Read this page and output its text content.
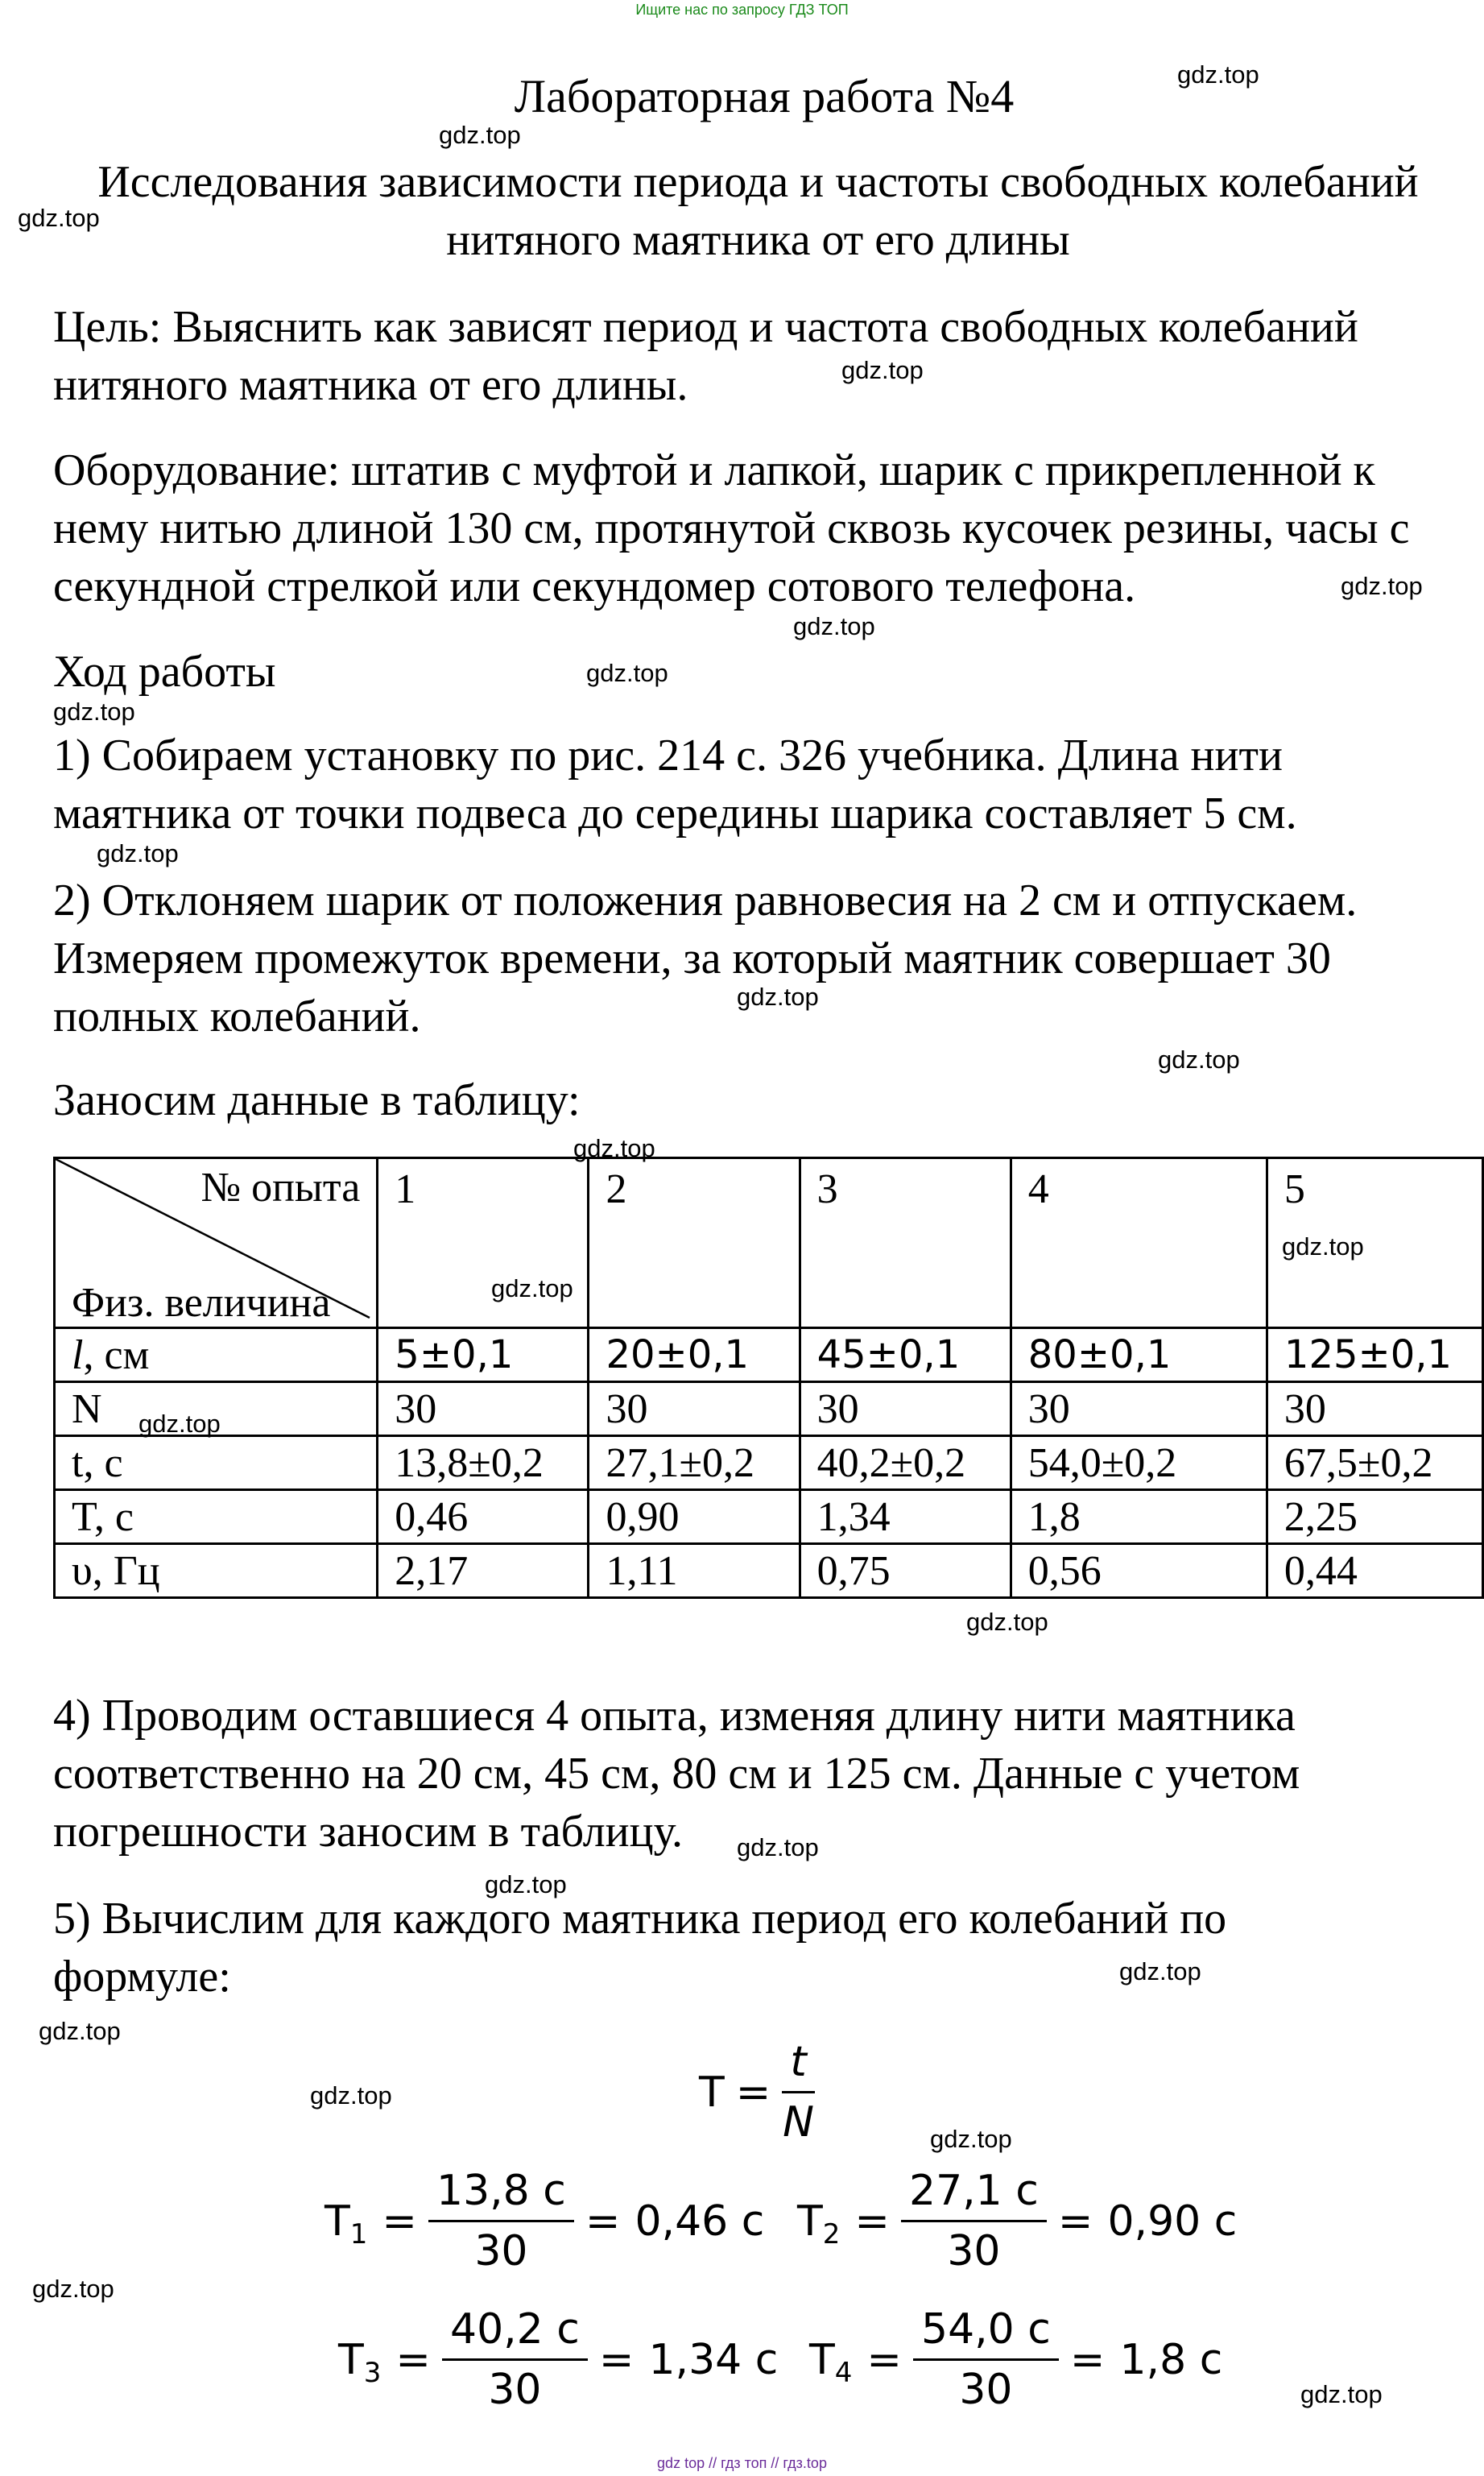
Ищите нас по запросу ГДЗ ТОП
gdz top // гдз топ // гдз.top
Лабораторная работа №4
Исследования зависимости периода и частоты свободных колебаний
нитяного маятника от его длины
Цель: Выяснить как зависят период и частота свободных колебаний
нитяного маятника от его длины.
Оборудование: штатив с муфтой и лапкой, шарик с прикрепленной к
нему нитью длиной 130 см, протянутой сквозь кусочек резины, часы с
секундной стрелкой или секундомер сотового телефона.
Ход работы
1) Собираем установку по рис. 214 с. 326 учебника. Длина нити
маятника от точки подвеса до середины шарика составляет 5 см.
2) Отклоняем шарик от положения равновесия на 2 см и отпускаем.
Измеряем промежуток времени, за который маятник совершает 30
полных колебаний.
Заносим данные в таблицу:
№ опыта
Физ. величина	1	2	3	4	5
l, см	5±0,1	20±0,1	45±0,1	80±0,1	125±0,1
N	30	30	30	30	30
t, с	13,8±0,2	27,1±0,2	40,2±0,2	54,0±0,2	67,5±0,2
T, с	0,46	0,90	1,34	1,8	2,25
υ, Гц	2,17	1,11	0,75	0,56	0,44
4) Проводим оставшиеся 4 опыта, изменяя длину нити маятника
соответственно на 20 см, 45 см, 80 см и 125 см. Данные с учетом
погрешности заносим в таблицу.
5) Вычислим для каждого маятника период его колебаний по
формуле:
$T = \frac{t}{N}$
T $1 = \frac{13,8 с}{30} = 0,46$ с T $2 = \frac{27,1 с}{30} = 0,90$ с
T $3 = \frac{40,2 с}{30} = 1,34$ с T $4 = \frac{54,0 с}{30} = 1,8$ с
gdz.top
gdz.top
gdz.top
gdz.top
gdz.top
gdz.top
gdz.top
gdz.top
gdz.top
gdz.top
gdz.top
gdz.top
gdz.top
gdz.top
gdz.top
gdz.top
gdz.top
gdz.top
gdz.top
gdz.top
gdz.top
gdz.top
gdz.top
gdz.top
